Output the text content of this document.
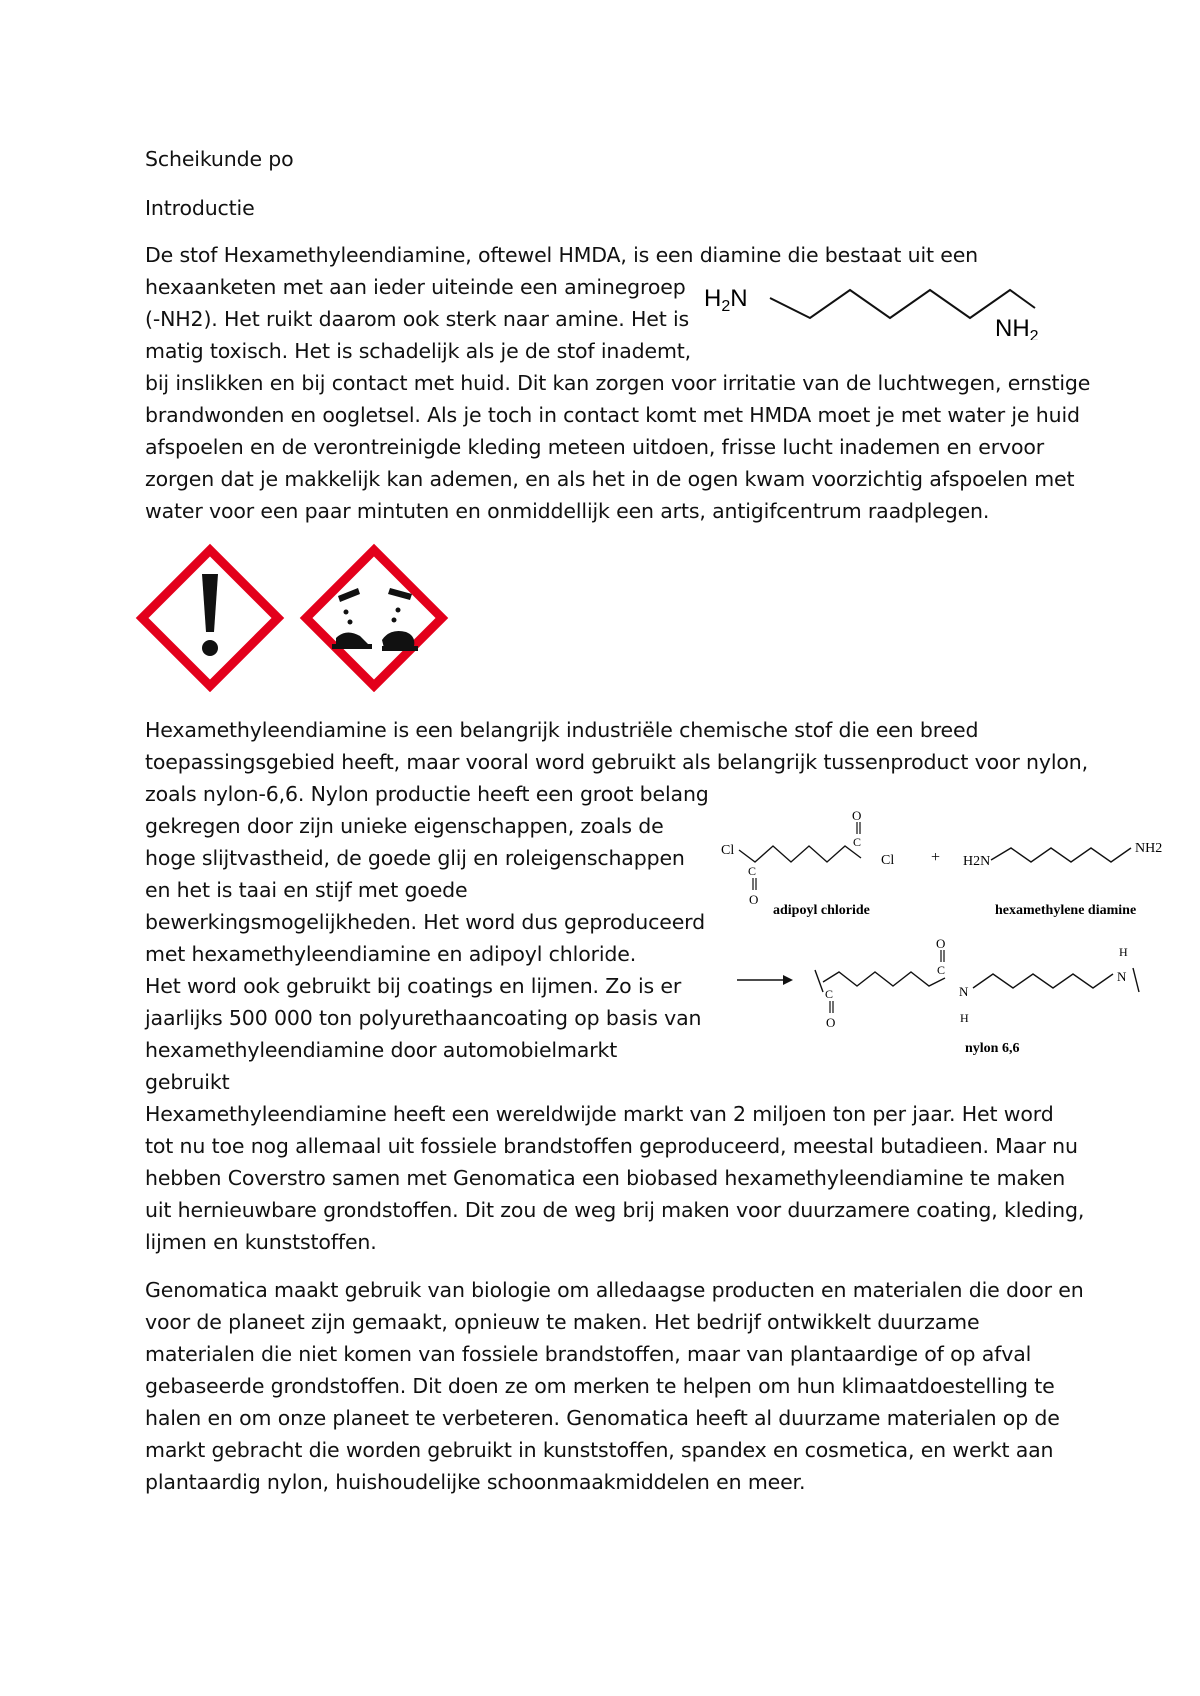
Scheikunde po
Introductie
De stof Hexamethyleendiamine, oftewel HMDA, is een diamine die bestaat uit een
hexaanketen met aan ieder uiteinde een aminegroep
(-NH2). Het ruikt daarom ook sterk naar amine. Het is
matig toxisch. Het is schadelijk als je de stof inademt,
bij inslikken en bij contact met huid. Dit kan zorgen voor irritatie van de luchtwegen, ernstige
brandwonden en oogletsel. Als je toch in contact komt met HMDA moet je met water je huid
afspoelen en de verontreinigde kleding meteen uitdoen, frisse lucht inademen en ervoor
zorgen dat je makkelijk kan ademen, en als het in de ogen kwam voorzichtig afspoelen met
water voor een paar mintuten en onmiddellijk een arts, antigifcentrum raadplegen.
$H_2N$
$NH_2$
Hexamethyleendiamine is een belangrijk industriële chemische stof die een breed
toepassingsgebied heeft, maar vooral word gebruikt als belangrijk tussenproduct voor nylon,
zoals nylon-6,6. Nylon productie heeft een groot belang
gekregen door zijn unieke eigenschappen, zoals de
hoge slijtvastheid, de goede glij en roleigenschappen
en het is taai en stijf met goede
bewerkingsmogelijkheden. Het word dus geproduceerd
met hexamethyleendiamine en adipoyl chloride.
Het word ook gebruikt bij coatings en lijmen. Zo is er
jaarlijks 500 000 ton polyurethaancoating op basis van
hexamethyleendiamine door automobielmarkt
gebruikt
Hexamethyleendiamine heeft een wereldwijde markt van 2 miljoen ton per jaar. Het word
tot nu toe nog allemaal uit fossiele brandstoffen geproduceerd, meestal butadieen. Maar nu
hebben Coverstro samen met Genomatica een biobased hexamethyleendiamine te maken
uit hernieuwbare grondstoffen. Dit zou de weg brij maken voor duurzamere coating, kleding,
lijmen en kunststoffen.
Cl
C
O
C
O
Cl
adipoyl chloride
+ H2N
NH2
hexamethylene diamine
C
O
C
O
N
H
N
H
nylon 6,6
Genomatica maakt gebruik van biologie om alledaagse producten en materialen die door en
voor de planeet zijn gemaakt, opnieuw te maken. Het bedrijf ontwikkelt duurzame
materialen die niet komen van fossiele brandstoffen, maar van plantaardige of op afval
gebaseerde grondstoffen. Dit doen ze om merken te helpen om hun klimaatdoestelling te
halen en om onze planeet te verbeteren. Genomatica heeft al duurzame materialen op de
markt gebracht die worden gebruikt in kunststoffen, spandex en cosmetica, en werkt aan
plantaardig nylon, huishoudelijke schoonmaakmiddelen en meer.
